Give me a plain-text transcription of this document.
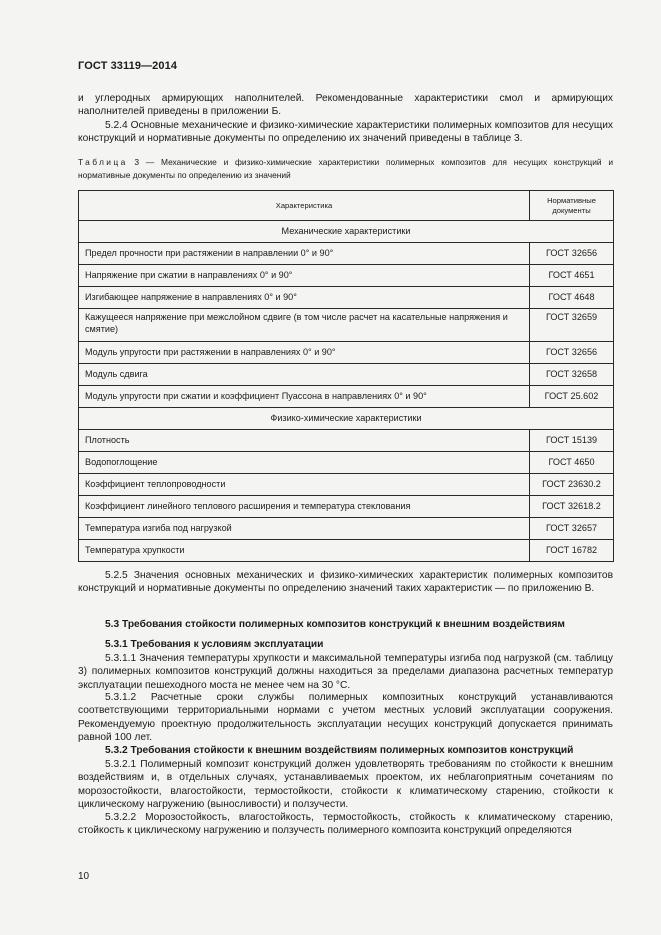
ГОСТ 33119—2014

и углеродных армирующих наполнителей. Рекомендованные характеристики смол и армирующих наполнителей приведены в приложении Б.

5.2.4 Основные механические и физико-химические характеристики полимерных композитов для несущих конструкций и нормативные документы по определению их значений приведены в таблице 3.

Таблица 3 — Механические и физико-химические характеристики полимерных композитов для несущих конструкций и нормативные документы по определению из значений

Характеристика	Нормативные документы
Механические характеристики	
Предел прочности при растяжении в направлении 0° и 90°	ГОСТ 32656
Напряжение при сжатии в направлениях 0° и 90°	ГОСТ 4651
Изгибающее напряжение в направлениях 0° и 90°	ГОСТ 4648
Кажущееся напряжение при межслойном сдвиге (в том числе расчет на касательные напряжения и смятие)	ГОСТ 32659
Модуль упругости при растяжении в направлениях 0° и 90°	ГОСТ 32656
Модуль сдвига	ГОСТ 32658
Модуль упругости при сжатии и коэффициент Пуассона в направлениях 0° и 90°	ГОСТ 25.602
Физико-химические характеристики	
Плотность	ГОСТ 15139
Водопоглощение	ГОСТ 4650
Коэффициент теплопроводности	ГОСТ 23630.2
Коэффициент линейного теплового расширения и температура стеклования	ГОСТ 32618.2
Температура изгиба под нагрузкой	ГОСТ 32657
Температура хрупкости	ГОСТ 16782

5.2.5 Значения основных механических и физико-химических характеристик полимерных композитов конструкций и нормативные документы по определению значений таких характеристик — по приложению В.

5.3 Требования стойкости полимерных композитов конструкций к внешним воздействиям

5.3.1 Требования к условиям эксплуатации

5.3.1.1 Значения температуры хрупкости и максимальной температуры изгиба под нагрузкой (см. таблицу 3) полимерных композитов конструкций должны находиться за пределами диапазона расчетных температур эксплуатации пешеходного моста не менее чем на 30 °С.

5.3.1.2 Расчетные сроки службы полимерных композитных конструкций устанавливаются соответствующими территориальными нормами с учетом местных условий эксплуатации сооружения. Рекомендуемую проектную продолжительность эксплуатации несущих конструкций допускается принимать равной 100 лет.

5.3.2 Требования стойкости к внешним воздействиям полимерных композитов конструкций

5.3.2.1 Полимерный композит конструкций должен удовлетворять требованиям по стойкости к внешним воздействиям и, в отдельных случаях, устанавливаемых проектом, их неблагоприятным сочетаниям по морозостойкости, влагостойкости, термостойкости, стойкости к климатическому старению, стойкости к циклическому нагружению (выносливости) и ползучести.

5.3.2.2 Морозостойкость, влагостойкость, термостойкость, стойкость к климатическому старению, стойкость к циклическому нагружению и ползучесть полимерного композита конструкций определяются

10
